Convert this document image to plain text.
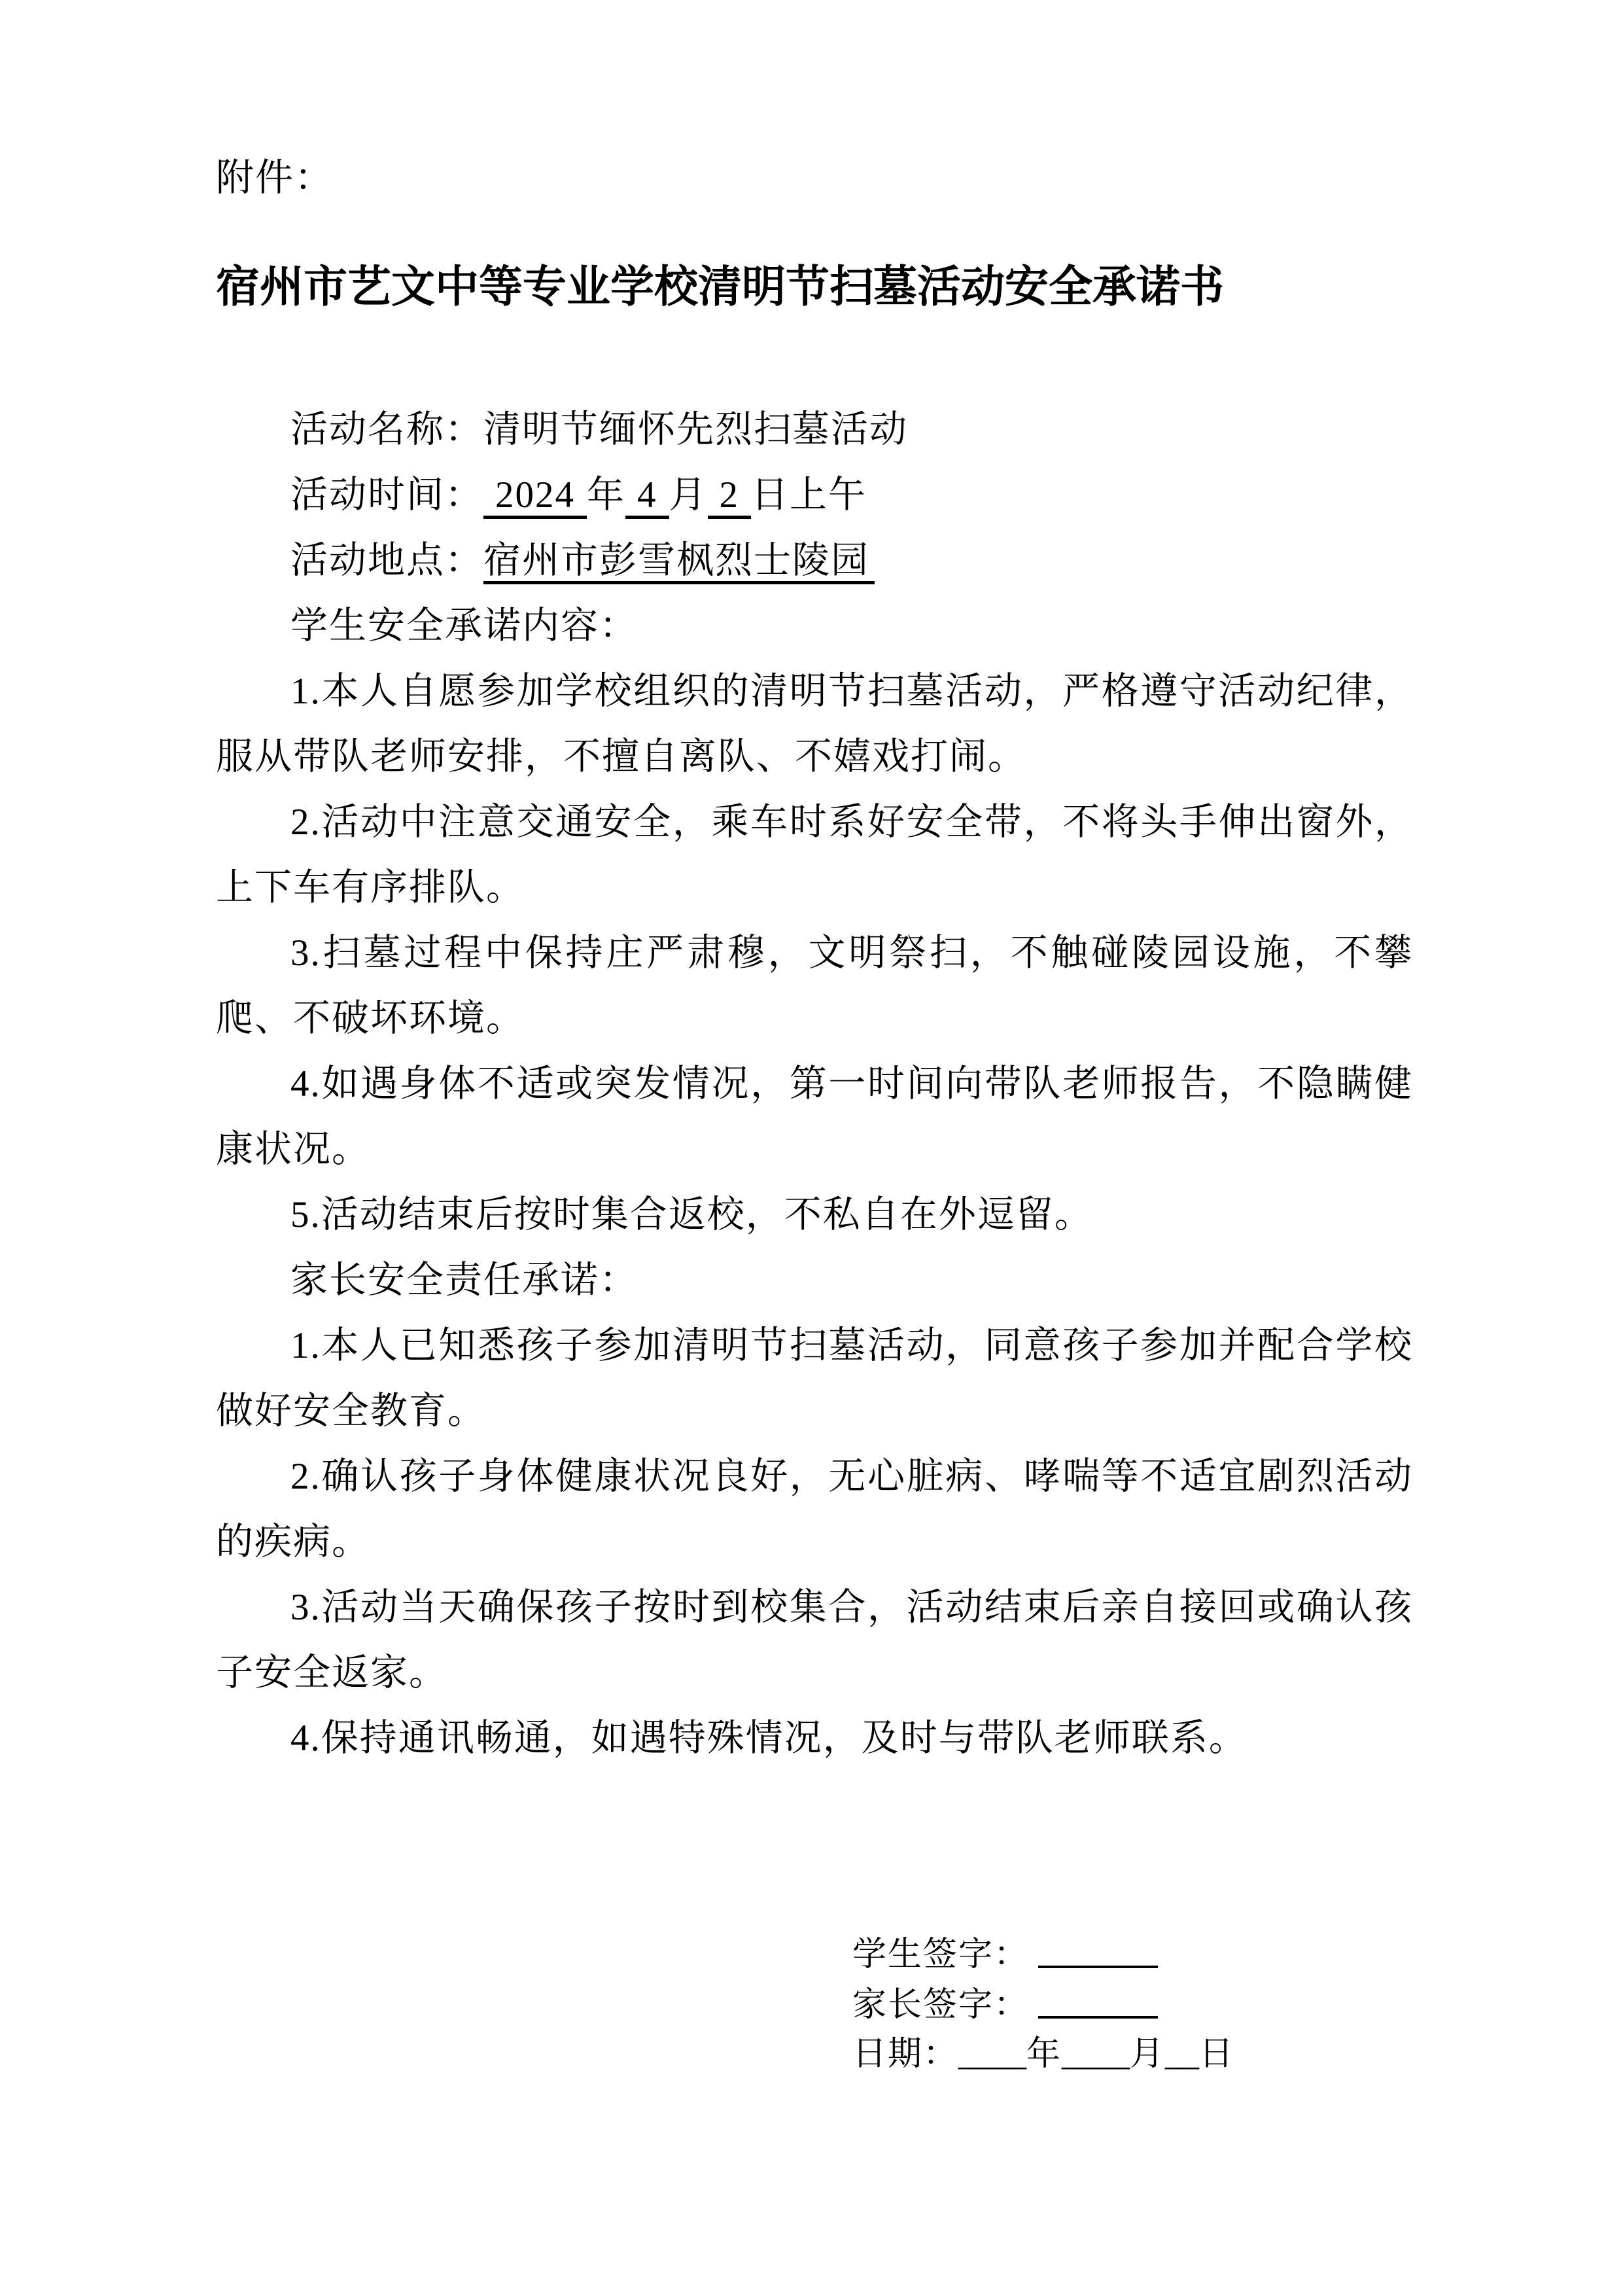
附件：
宿州市艺文中等专业学校清明节扫墓活动安全承诺书

活动名称：清明节缅怀先烈扫墓活动

活动时间： 2024 年 4 月 2 日上午

活动地点：宿州市彭雪枫烈士陵园

学生安全承诺内容：

1.本人自愿参加学校组织的清明节扫墓活动，严格遵守活动纪律，服从带队老师安排，不擅自离队、不嬉戏打闹。

2.活动中注意交通安全，乘车时系好安全带，不将头手伸出窗外，上下车有序排队。

3.扫墓过程中保持庄严肃穆，文明祭扫，不触碰陵园设施，不攀爬、不破坏环境。

4.如遇身体不适或突发情况，第一时间向带队老师报告，不隐瞒健康状况。

5.活动结束后按时集合返校，不私自在外逗留。

家长安全责任承诺：

1.本人已知悉孩子参加清明节扫墓活动，同意孩子参加并配合学校做好安全教育。

2.确认孩子身体健康状况良好，无心脏病、哮喘等不适宜剧烈活动的疾病。

3.活动当天确保孩子按时到校集合，活动结束后亲自接回或确认孩子安全返家。

4.保持通讯畅通，如遇特殊情况，及时与带队老师联系。

学生签字：

家长签字：

日期：____年____月__日
